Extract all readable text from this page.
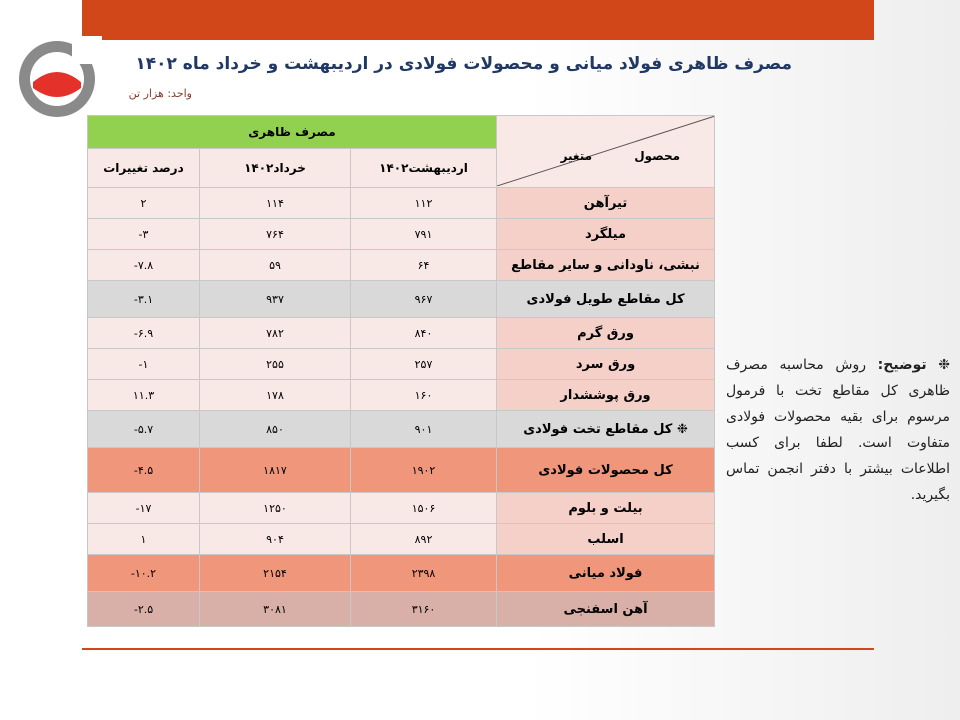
مصرف ظاهری فولاد میانی و محصولات فولادی در اردیبهشت و خرداد ماه ۱۴۰۲
واحد: هزار تن
مصرف ظاهری			محصول
متغیر

درصد تغییرات	خرداد۱۴۰۲	اردیبهشت۱۴۰۲	
۲	۱۱۴	۱۱۲	تیرآهن
-۳	۷۶۴	۷۹۱	میلگرد
-۷.۸	۵۹	۶۴	نبشی، ناودانی و سایر مقاطع
-۳.۱	۹۳۷	۹۶۷	کل مقاطع طویل فولادی
-۶.۹	۷۸۲	۸۴۰	ورق گرم
-۱	۲۵۵	۲۵۷	ورق سرد
۱۱.۳	۱۷۸	۱۶۰	ورق پوششدار
-۵.۷	۸۵۰	۹۰۱	❉ کل مقاطع تخت فولادی
-۴.۵	۱۸۱۷	۱۹۰۲	کل محصولات فولادی
-۱۷	۱۲۵۰	۱۵۰۶	بیلت و بلوم
۱	۹۰۴	۸۹۲	اسلب
-۱۰.۲	۲۱۵۴	۲۳۹۸	فولاد میانی
-۲.۵	۳۰۸۱	۳۱۶۰	آهن اسفنجی
❉ توضیح: روش محاسبه مصرف ظاهری کل مقاطع تخت با فرمول مرسوم برای بقیه محصولات فولادی متفاوت است. لطفا برای کسب اطلاعات بیشتر با دفتر انجمن تماس بگیرید.
